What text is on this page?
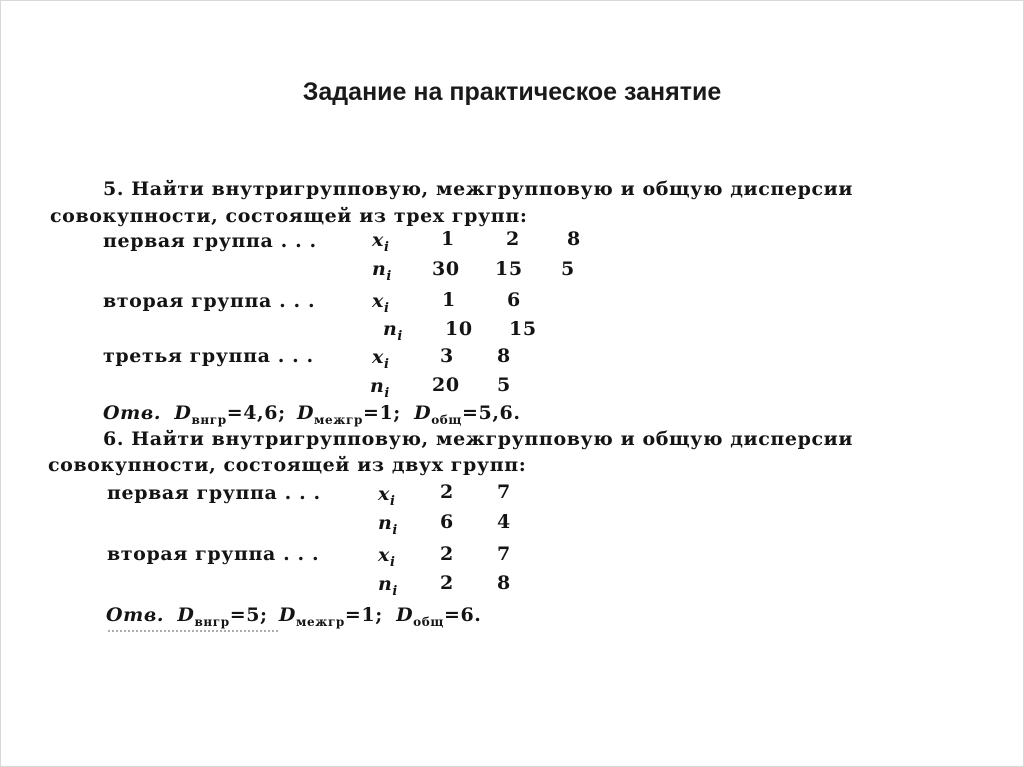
Задание на практическое занятие
5. Найти внутригрупповую, межгрупповую и общую дисперсии
совокупности, состоящей из трех групп:
первая группа . . .	$x_i$	1	2 8
$n_i$ 30 15 5
вторая группа . . .	$x_i$	1	6
$n_i$ 10 15
третья группа . . .	$x_i$	3 8
$n_i$ 20 5
Отв. $D_{внгр}=4,6$; $D_{межгр}=1$; $D_{общ}=5,6$.
6. Найти внутригрупповую, межгрупповую и общую дисперсии
совокупности, состоящей из двух групп:
первая группа . . .	$x_i$ 2 7
$n_i$ 6 4
вторая группа . . .	$x_i$ 2 7
$n_i$ 2 8
Отв. $D_{внгр}=5$; $D_{межгр}=1$; $D_{общ}=6$.
